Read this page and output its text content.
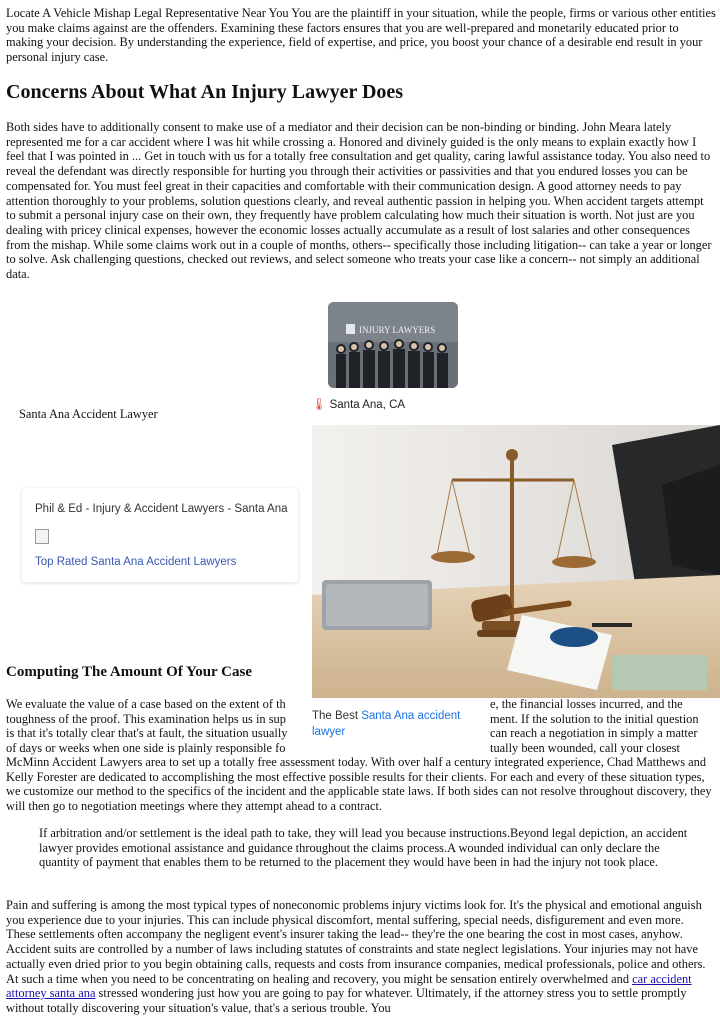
Locate A Vehicle Mishap Legal Representative Near You You are the plaintiff in your situation, while the people, firms or various other entities you make claims against are the offenders. Examining these factors ensures that you are well-prepared and monetarily educated prior to making your decision. By understanding the experience, field of expertise, and price, you boost your chance of a desirable end result in your personal injury case.

Concerns About What An Injury Lawyer Does

Both sides have to additionally consent to make use of a mediator and their decision can be non-binding or binding. John Meara lately represented me for a car accident where I was hit while crossing a. Honored and divinely guided is the only means to explain exactly how I feel that I was pointed in ... Get in touch with us for a totally free consultation and get quality, caring lawful assistance today. You also need to reveal the defendant was directly responsible for hurting you through their activities or passivities and that you endured losses you can be compensated for. You must feel great in their capacities and comfortable with their communication design. A good attorney needs to pay attention thoroughly to your problems, solution questions clearly, and reveal authentic passion in helping you. When accident targets attempt to submit a personal injury case on their own, they frequently have problem calculating how much their situation is worth. Not just are you dealing with pricey clinical expenses, however the economic losses actually accumulate as a result of lost salaries and other consequences from the mishap. While some claims work out in a couple of months, others-- specifically those including litigation-- can take a year or longer to solve. Ask challenging questions, checked out reviews, and select someone who treats your case like a concern-- not simply an additional data.

INJURY LAWYERS
🌡 Santa Ana, CA
Santa Ana Accident Lawyer
Phil & Ed - Injury & Accident Lawyers - Santa Ana
Top Rated Santa Ana Accident Lawyers
The Best Santa Ana accident lawyer
Computing The Amount Of Your Case
We evaluate the value of a case based on the extent of th	e, the financial losses incurred, and the
toughness of the proof. This examination helps us in sup	ment. If the solution to the initial question
is that it's totally clear that's at fault, the situation usually	can reach a negotiation in simply a matter
of days or weeks when one side is plainly responsible fo	tually been wounded, call your closest

McMinn Accident Lawyers area to set up a totally free assessment today. With over half a century integrated experience, Chad Matthews and Kelly Forester are dedicated to accomplishing the most effective possible results for their clients. For each and every of these situation types, we customize our method to the specifics of the incident and the applicable state laws. If both sides can not resolve throughout discovery, they will then go to negotiation meetings where they attempt ahead to a contract.

If arbitration and/or settlement is the ideal path to take, they will lead you because instructions.Beyond legal depiction, an accident lawyer provides emotional assistance and guidance throughout the claims process.A wounded individual can only declare the quantity of payment that enables them to be returned to the placement they would have been in had the injury not took place.

Pain and suffering is among the most typical types of noneconomic problems injury victims look for. It's the physical and emotional anguish you experience due to your injuries. This can include physical discomfort, mental suffering, special needs, disfigurement and even more. These settlements often accompany the negligent event's insurer taking the lead-- they're the one bearing the cost in most cases, anyhow. Accident suits are controlled by a number of laws including statutes of constraints and state neglect legislations. Your injuries may not have actually even dried prior to you begin obtaining calls, requests and costs from insurance companies, medical professionals, police and others. At such a time when you need to be concentrating on healing and recovery, you might be sensation entirely overwhelmed and car accident attorney santa ana stressed wondering just how you are going to pay for whatever. Ultimately, if the attorney stress you to settle promptly without totally discovering your situation's value, that's a serious trouble. You
